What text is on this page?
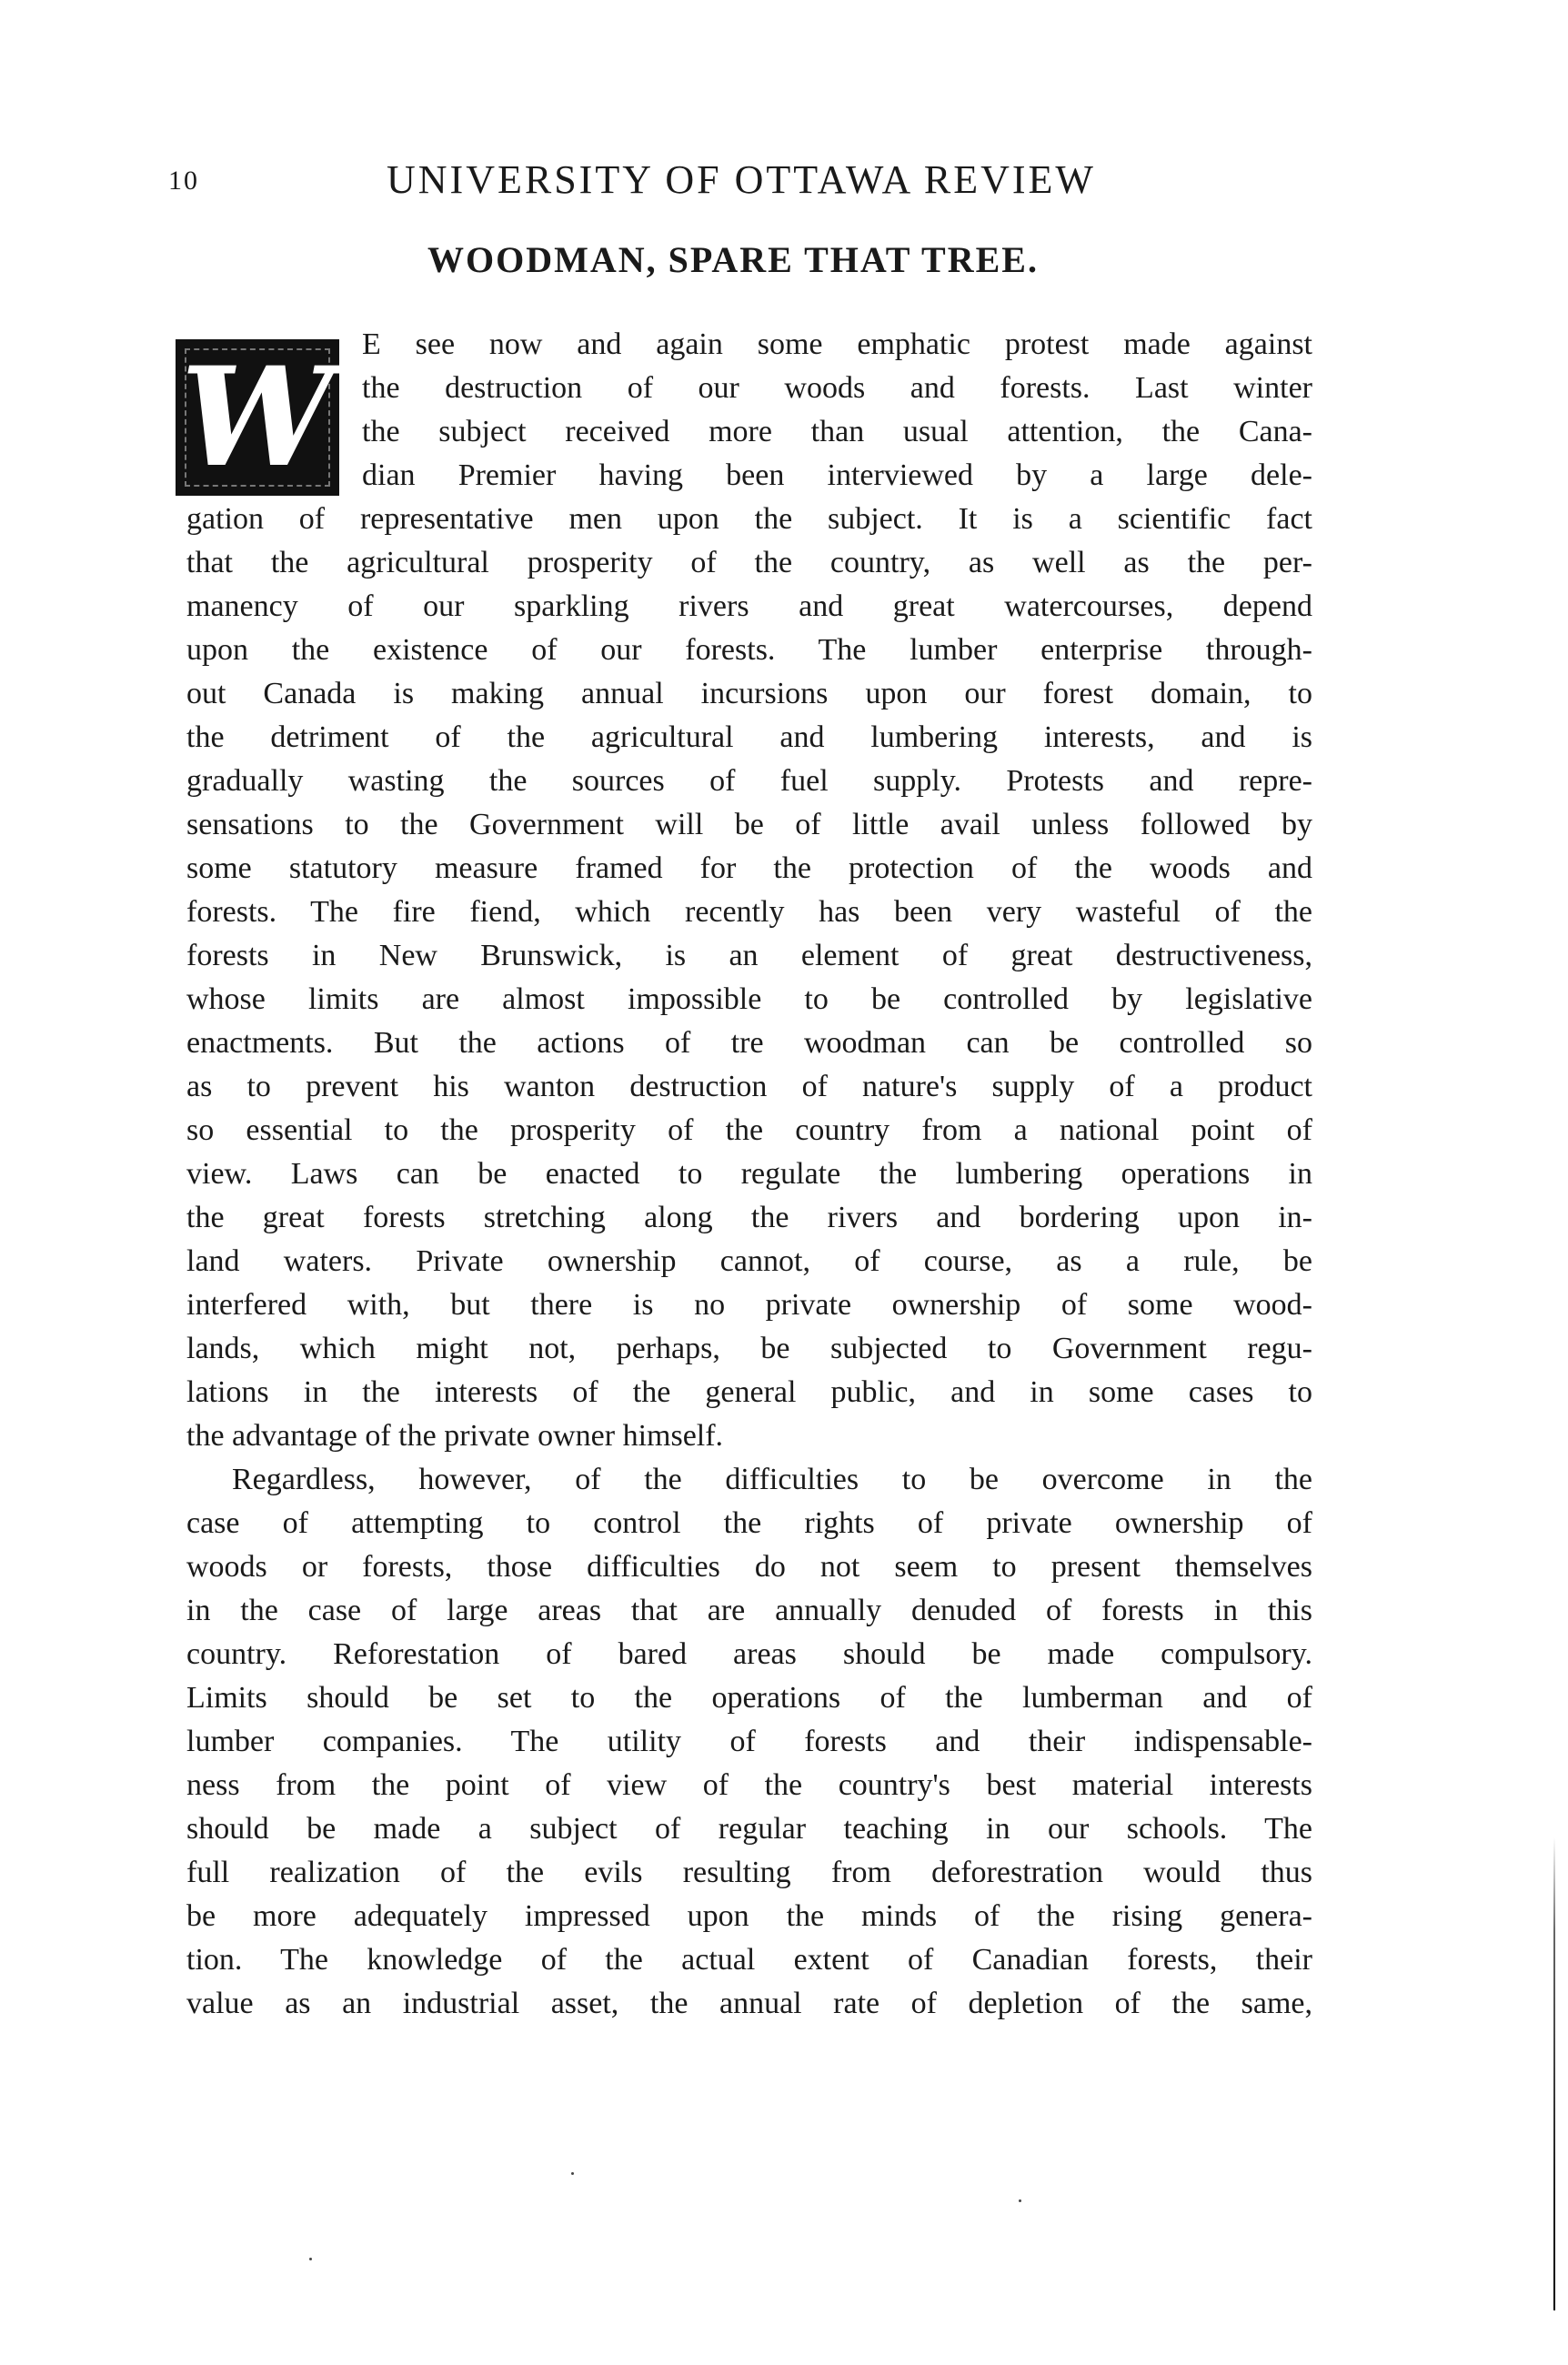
10	UNIVERSITY OF OTTAWA REVIEW
WOODMAN, SPARE THAT TREE.
W E see now and again some emphatic protest made against
the destruction of our woods and forests. Last winter
the subject received more than usual attention, the Cana-
dian Premier having been interviewed by a large dele-
gation of representative men upon the subject. It is a scientific fact
that the agricultural prosperity of the country, as well as the per-
manency of our sparkling rivers and great watercourses, depend
upon the existence of our forests. The lumber enterprise through-
out Canada is making annual incursions upon our forest domain, to
the detriment of the agricultural and lumbering interests, and is
gradually wasting the sources of fuel supply. Protests and repre-
sensations to the Government will be of little avail unless followed by
some statutory measure framed for the protection of the woods and
forests. The fire fiend, which recently has been very wasteful of the
forests in New Brunswick, is an element of great destructiveness,
whose limits are almost impossible to be controlled by legislative
enactments. But the actions of tre woodman can be controlled so
as to prevent his wanton destruction of nature's supply of a product
so essential to the prosperity of the country from a national point of
view. Laws can be enacted to regulate the lumbering operations in
the great forests stretching along the rivers and bordering upon in-
land waters. Private ownership cannot, of course, as a rule, be
interfered with, but there is no private ownership of some wood-
lands, which might not, perhaps, be subjected to Government regu-
lations in the interests of the general public, and in some cases to
the advantage of the private owner himself.
Regardless, however, of the difficulties to be overcome in the
case of attempting to control the rights of private ownership of
woods or forests, those difficulties do not seem to present themselves
in the case of large areas that are annually denuded of forests in this
country. Reforestation of bared areas should be made compulsory.
Limits should be set to the operations of the lumberman and of
lumber companies. The utility of forests and their indispensable-
ness from the point of view of the country's best material interests
should be made a subject of regular teaching in our schools. The
full realization of the evils resulting from deforestration would thus
be more adequately impressed upon the minds of the rising genera-
tion. The knowledge of the actual extent of Canadian forests, their
value as an industrial asset, the annual rate of depletion of the same,
